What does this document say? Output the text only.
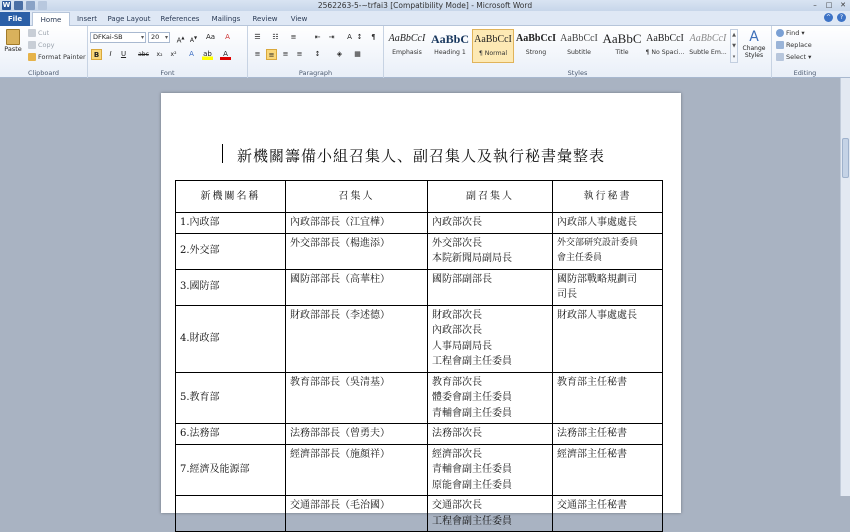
W	2562263-5-~trfai3 [Compatibility Mode] - Microsoft Word	–	□	✕
File	Home	Insert	Page Layout	References	Mailings	Review	View	^	?
Paste
Cut
Copy
Format Painter
Clipboard
DFKai-SB	▾	20 ▾ A▲ A▼ Aa	A
B	I	U	abc	x₂	x²	A	ab	A
Font
☰	☷	≡	⇤	⇥	A ↕	¶
≡	≡	≡	≡	↕	◈	▦
Paragraph
AaBbCcI
Emphasis
AaBbC
Heading 1
AaBbCcI
¶ Normal
AaBbCcI
Strong
AaBbCcI
Subtitle
AaBbC
Title
AaBbCcI
¶ No Spaci...
AaBbCcI
Subtle Em...
▲
▼
▾
A
Change Styles
Styles
Find ▾
Replace
Select ▾
Editing
新機關籌備小組召集人、副召集人及執行秘書彙整表
新機關名稱	召集人	副召集人	執行秘書
1.內政部	內政部部長（江宜樺）	內政部次長	內政部人事處處長

2.外交部	外交部部長（楊進添）	外交部次長
本院新聞局副局長	外交部研究設計委員
會主任委員

3.國防部	國防部部長（高華柱）	國防部副部長	國防部戰略規劃司
司長

4.財政部	財政部部長（李述德）	財政部次長
內政部次長
人事局副局長
工程會副主任委員	財政部人事處處長

5.教育部	教育部部長（吳清基）	教育部次長
體委會副主任委員
青輔會副主任委員	教育部主任秘書

6.法務部	法務部部長（曾勇夫）	法務部次長	法務部主任秘書

7.經濟及能源部	經濟部部長（施顏祥）	經濟部次長
青輔會副主任委員
原能會副主任委員	經濟部主任秘書

	交通部部長（毛治國）	交通部次長
工程會副主任委員	交通部主任秘書
